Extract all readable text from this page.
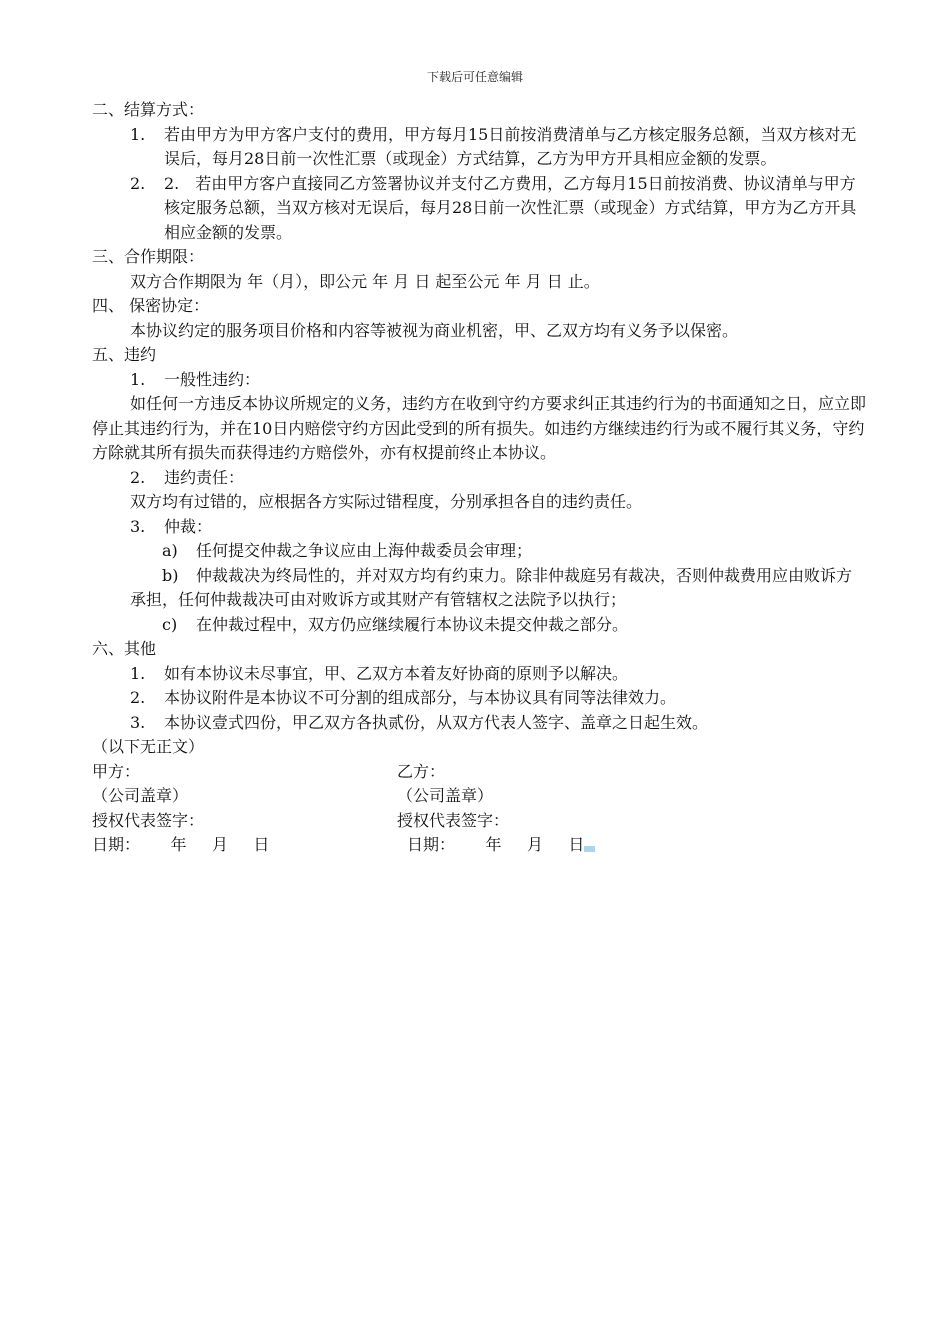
下载后可任意编辑

二、结算方式：

1.	若由甲方为甲方客户支付的费用，甲方每月15日前按消费清单与乙方核定服务总额，当双方核对无误后，每月28日前一次性汇票（或现金）方式结算，乙方为甲方开具相应金额的发票。
2.	2.　若由甲方客户直接同乙方签署协议并支付乙方费用，乙方每月15日前按消费、协议清单与甲方核定服务总额，当双方核对无误后，每月28日前一次性汇票（或现金）方式结算，甲方为乙方开具相应金额的发票。

三、合作期限：

双方合作期限为 年（月），即公元 年 月 日 起至公元 年 月 日 止。

四、 保密协定：

本协议约定的服务项目价格和内容等被视为商业机密，甲、乙双方均有义务予以保密。

五、违约

1.	一般性违约：

如任何一方违反本协议所规定的义务，违约方在收到守约方要求纠正其违约行为的书面通知之日，应立即停止其违约行为，并在10日内赔偿守约方因此受到的所有损失。如违约方继续违约行为或不履行其义务，守约方除就其所有损失而获得违约方赔偿外，亦有权提前终止本协议。

2.	违约责任：

双方均有过错的，应根据各方实际过错程度，分别承担各自的违约责任。

3.	仲裁：
a)	任何提交仲裁之争议应由上海仲裁委员会审理；
b)	仲裁裁决为终局性的，并对双方均有约束力。除非仲裁庭另有裁决，否则仲裁费用应由败诉方

承担，任何仲裁裁决可由对败诉方或其财产有管辖权之法院予以执行；

c)	在仲裁过程中，双方仍应继续履行本协议未提交仲裁之部分。

六、其他

1.	如有本协议未尽事宜，甲、乙双方本着友好协商的原则予以解决。
2.	本协议附件是本协议不可分割的组成部分，与本协议具有同等法律效力。
3.	本协议壹式四份，甲乙双方各执贰份，从双方代表人签字、盖章之日起生效。

（以下无正文）

甲方：	乙方：
（公司盖章）	（公司盖章）
授权代表签字：	授权代表签字：
日期：      年     月     日	日期：      年     月     日
